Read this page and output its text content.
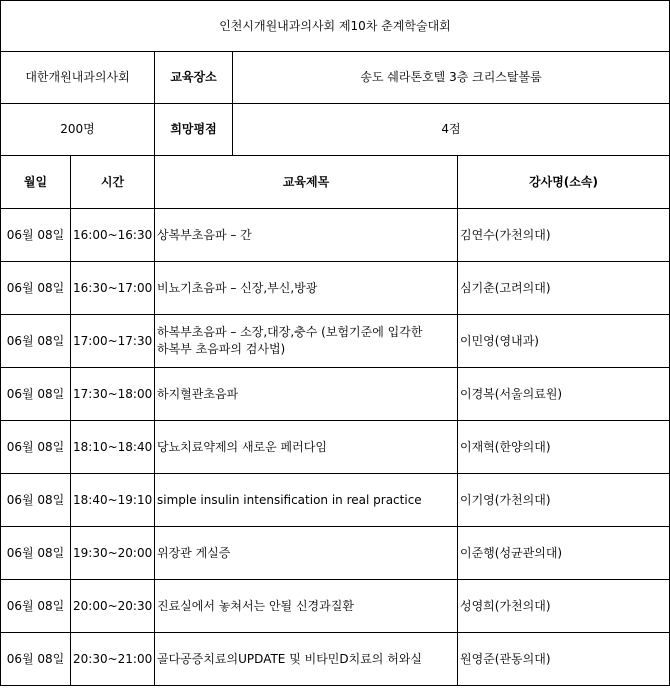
인천시개원내과의사회 제10차 춘계학술대회				
대한개원내과의사회		교육장소	송도 쉐라톤호텔 3층 크리스탈볼룸	
200명		희망평점	4점	
월일	시간	교육제목		강사명(소속)
06월 08일	16:00~16:30	상복부초음파 – 간		김연수(가천의대)
06월 08일	16:30~17:00	비뇨기초음파 – 신장,부신,방광		심기춘(고려의대)
06월 08일	17:00~17:30	하복부초음파 – 소장,대장,충수 (보험기준에 입각한 하복부 초음파의 검사법)		이민영(영내과)
06월 08일	17:30~18:00	하지혈관초음파		이경복(서울의료원)
06월 08일	18:10~18:40	당뇨치료약제의 새로운 페러다임		이재혁(한양의대)
06월 08일	18:40~19:10	simple insulin intensification in real practice		이기영(가천의대)
06월 08일	19:30~20:00	위장관 게실증		이준행(성균관의대)
06월 08일	20:00~20:30	진료실에서 놓쳐서는 안될 신경과질환		성영희(가천의대)
06월 08일	20:30~21:00	골다공증치료의UPDATE 및 비타민D치료의 허와실		원영준(관동의대)
